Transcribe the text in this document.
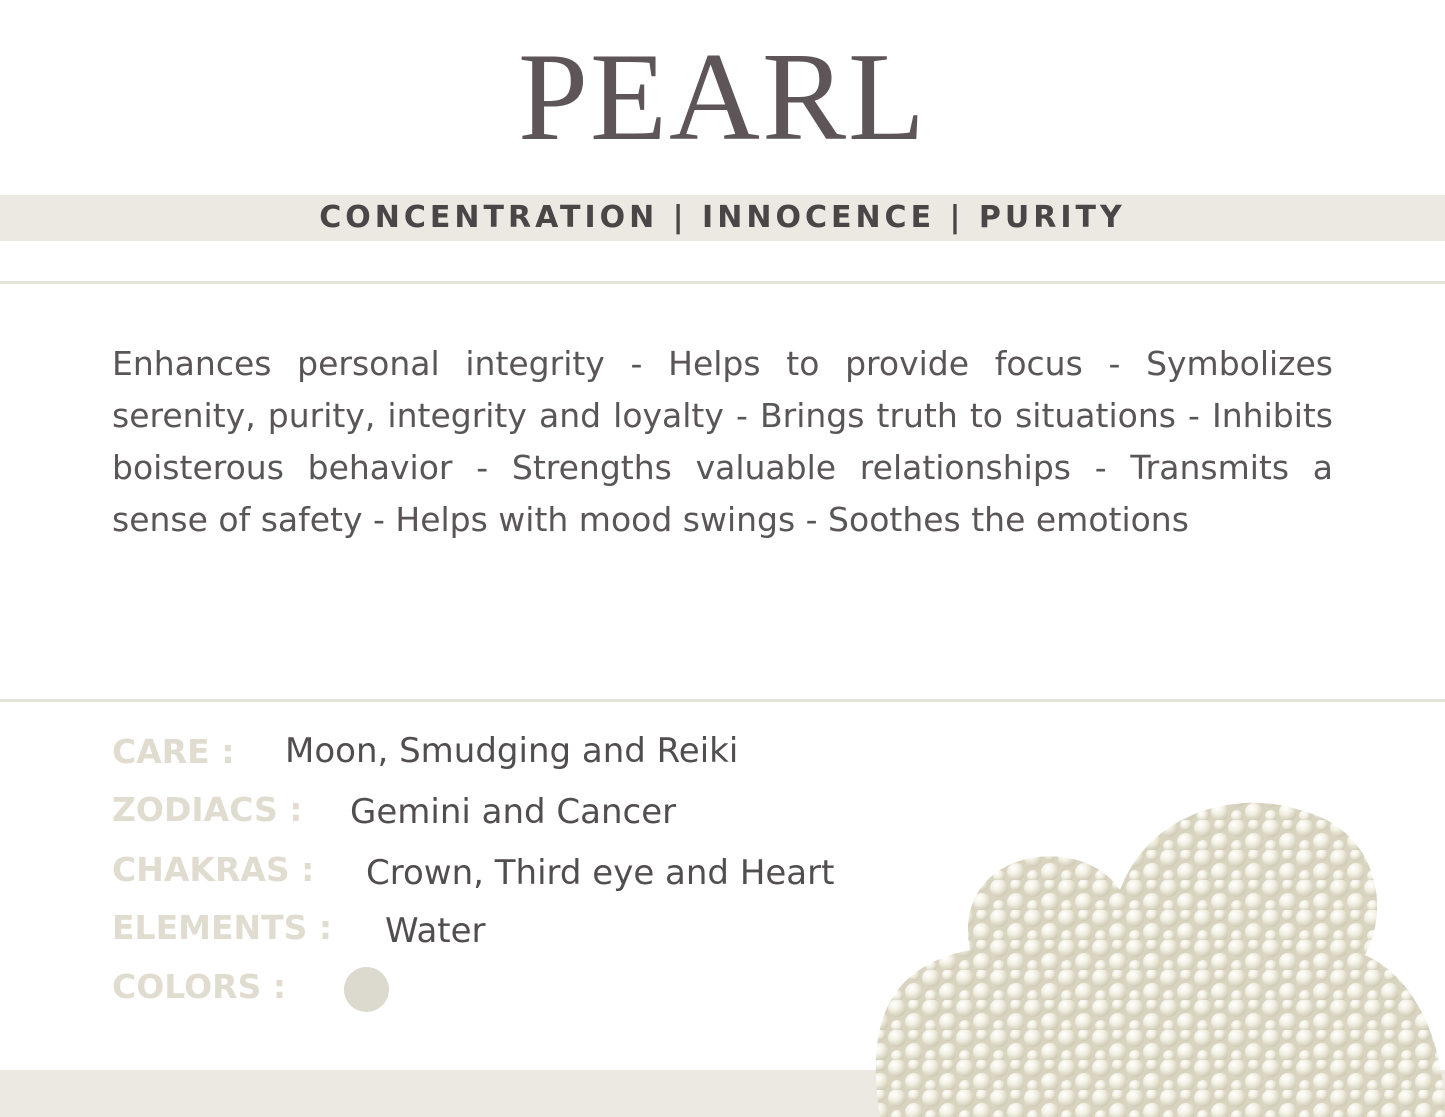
PEARL
CONCENTRATION | INNOCENCE | PURITY

Enhances personal integrity - Helps to provide focus - Symbolizes serenity, purity, integrity and loyalty - Brings truth to situations - Inhibits boisterous behavior - Strengths valuable relationships - Transmits a sense of safety - Helps with mood swings - Soothes the emotions

CARE : Moon, Smudging and Reiki
ZODIACS : Gemini and Cancer
CHAKRAS : Crown, Third eye and Heart
ELEMENTS : Water
COLORS :
